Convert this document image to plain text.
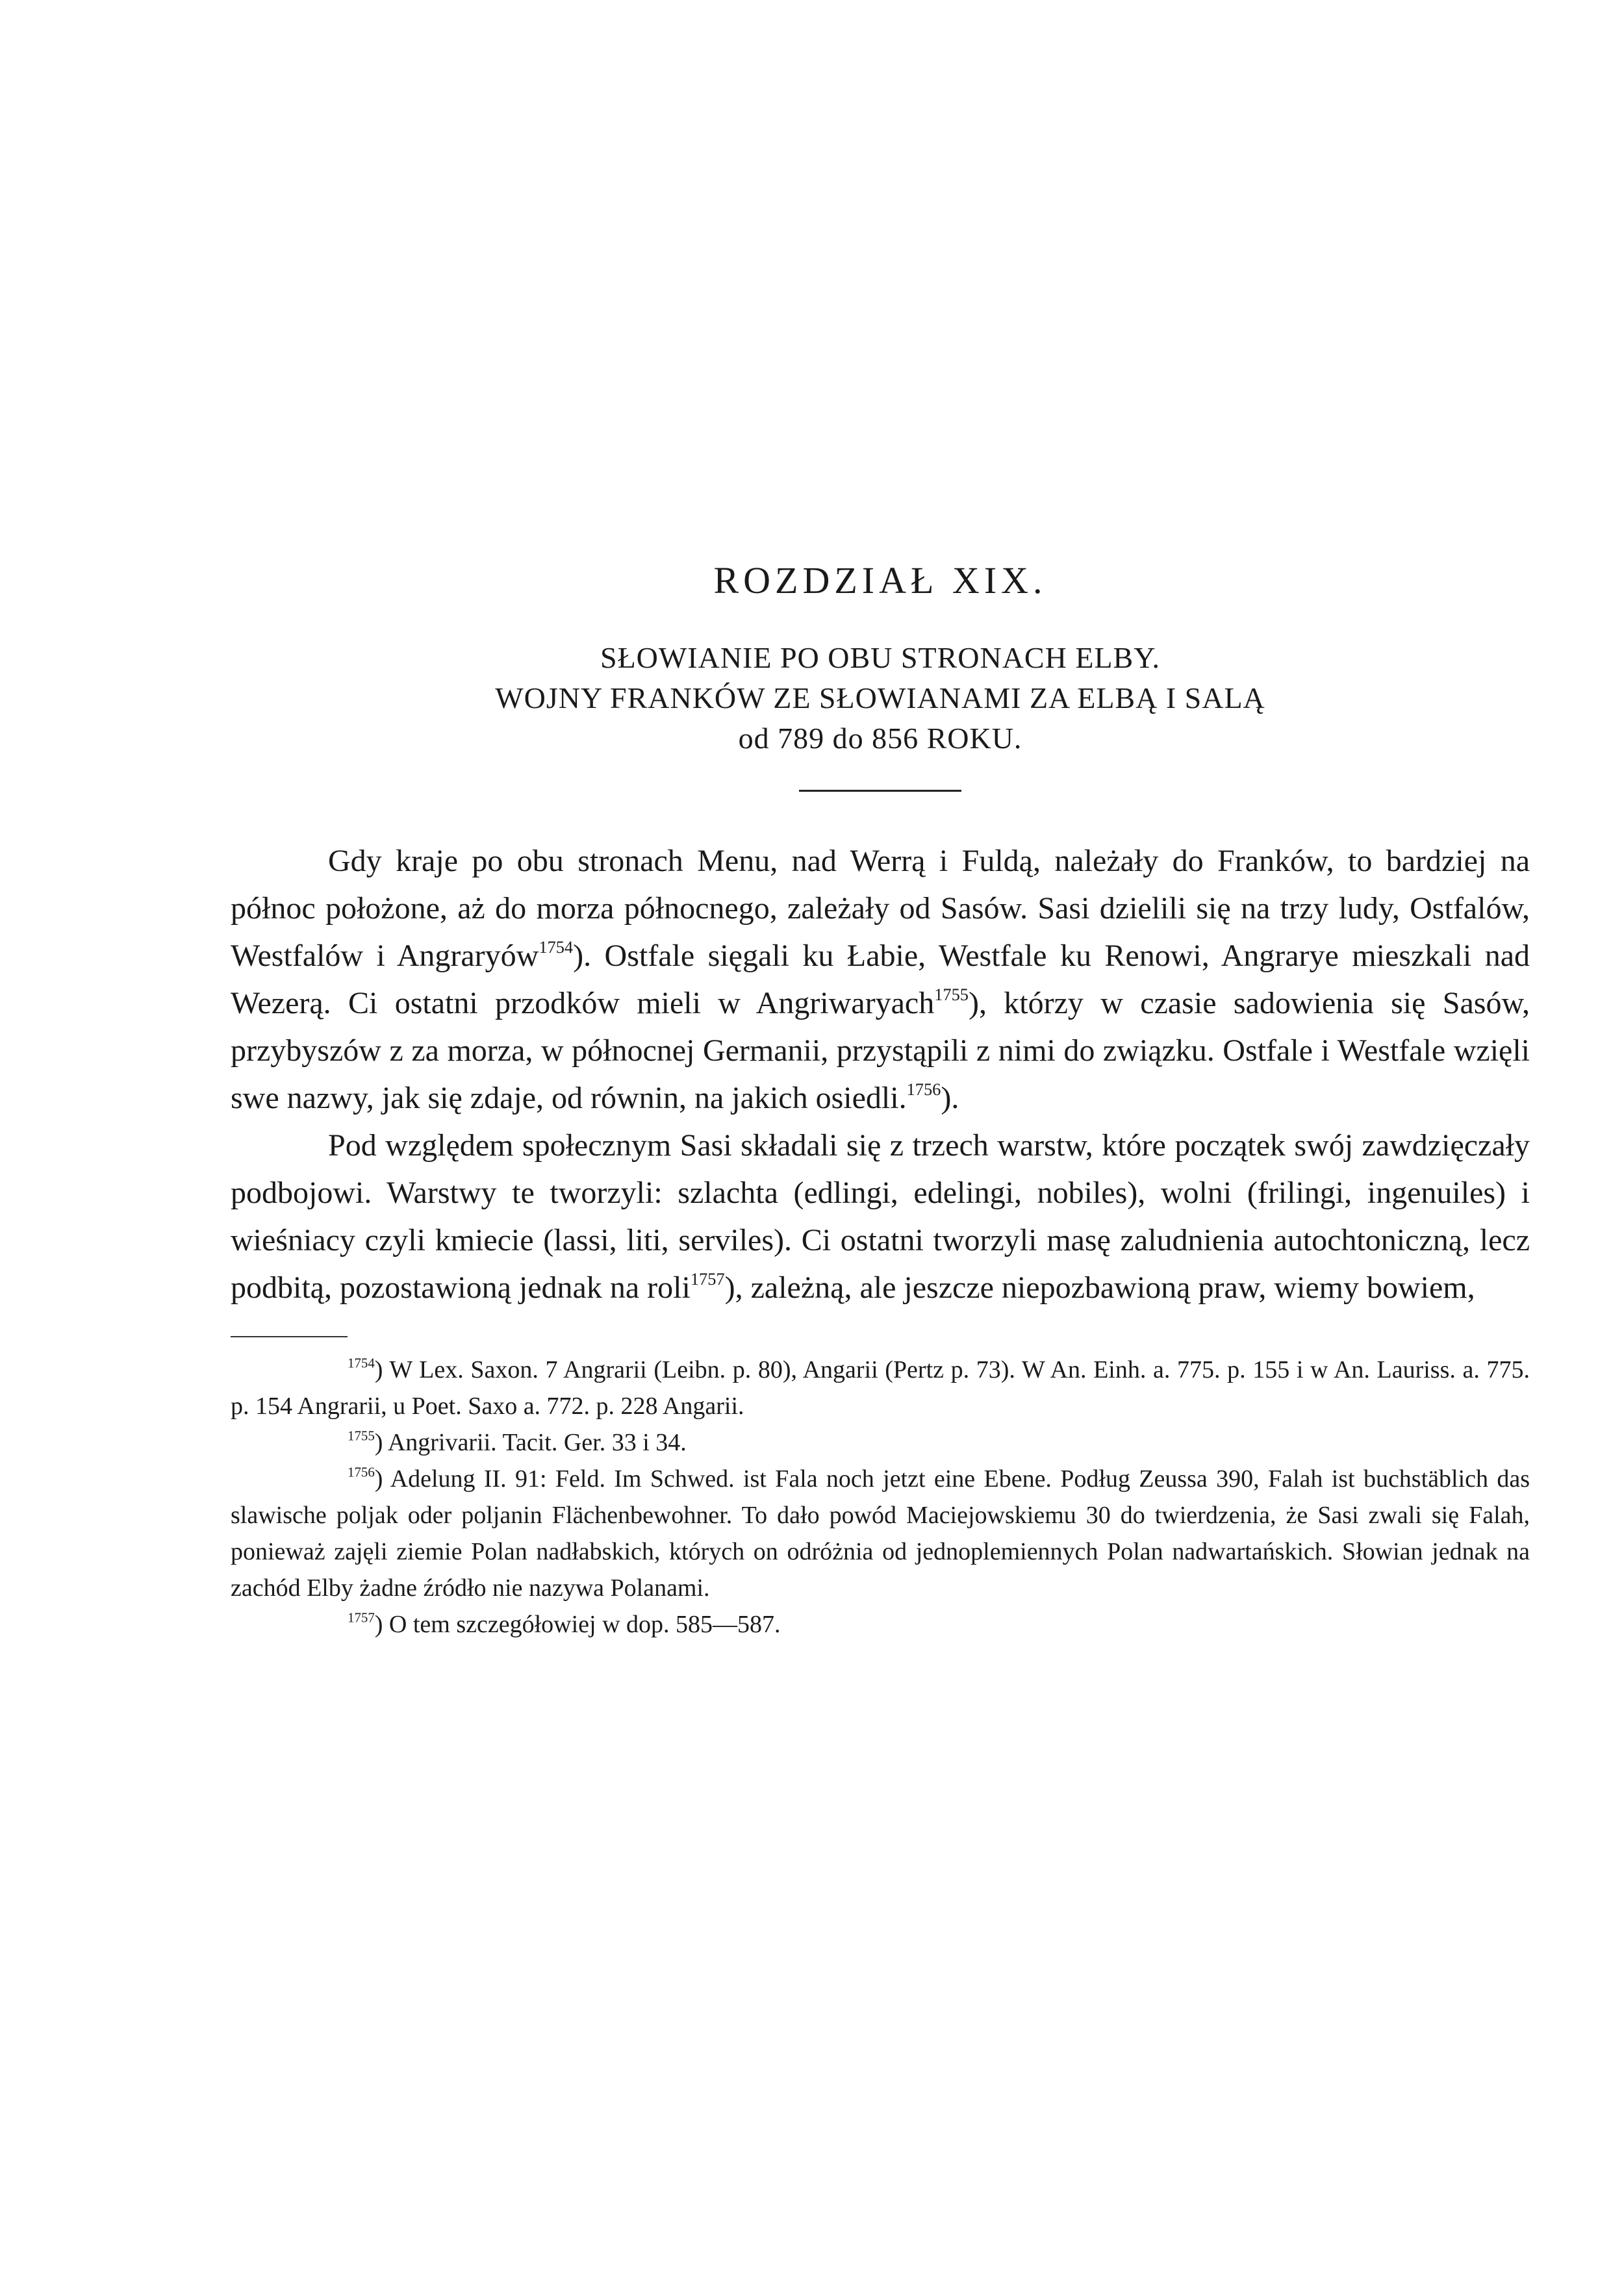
ROZDZIAŁ XIX.

SŁOWIANIE PO OBU STRONACH ELBY.

WOJNY FRANKÓW ZE SŁOWIANAMI ZA ELBĄ I SALĄ

od 789 do 856 ROKU.

Gdy kraje po obu stronach Menu, nad Werrą i Fuldą, należały do Franków, to bardziej na północ położone, aż do morza północnego, zależały od Sasów. Sasi dzielili się na trzy ludy, Ostfalów, Westfalów i Angraryów$^{1754}$). Ostfale sięgali ku Łabie, Westfale ku Renowi, Angrarye mieszkali nad Wezerą. Ci ostatni przodków mieli w Angriwaryach$^{1755}$), którzy w czasie sadowienia się Sasów, przybyszów z za morza, w północnej Germanii, przystąpili z nimi do związku. Ostfale i Westfale wzięli swe nazwy, jak się zdaje, od równin, na jakich osiedli.$^{1756}$).

Pod względem społecznym Sasi składali się z trzech warstw, które początek swój zawdzięczały podbojowi. Warstwy te tworzyli: szlachta (edlingi, edelingi, nobiles), wolni (frilingi, ingenuiles) i wieśniacy czyli kmiecie (lassi, liti, serviles). Ci ostatni tworzyli masę zaludnienia autochtoniczną, lecz podbitą, pozostawioną jednak na roli$^{1757}$), zależną, ale jeszcze niepozbawioną praw, wiemy bowiem,

$^{1754}$) W Lex. Saxon. 7 Angrarii (Leibn. p. 80), Angarii (Pertz p. 73). W An. Einh. a. 775. p. 155 i w An. Lauriss. a. 775. p. 154 Angrarii, u Poet. Saxo a. 772. p. 228 Angarii.

$^{1755}$) Angrivarii. Tacit. Ger. 33 i 34.

$^{1756}$) Adelung II. 91: Feld. Im Schwed. ist Fala noch jetzt eine Ebene. Podług Zeussa 390, Falah ist buchstäblich das slawische poljak oder poljanin Flächenbewohner. To dało powód Maciejowskiemu 30 do twierdzenia, że Sasi zwali się Falah, ponieważ zajęli ziemie Polan nadłabskich, których on odróżnia od jednoplemiennych Polan nadwartańskich. Słowian jednak na zachód Elby żadne źródło nie nazywa Polanami.

$^{1757}$) O tem szczegółowiej w dop. 585—587.
